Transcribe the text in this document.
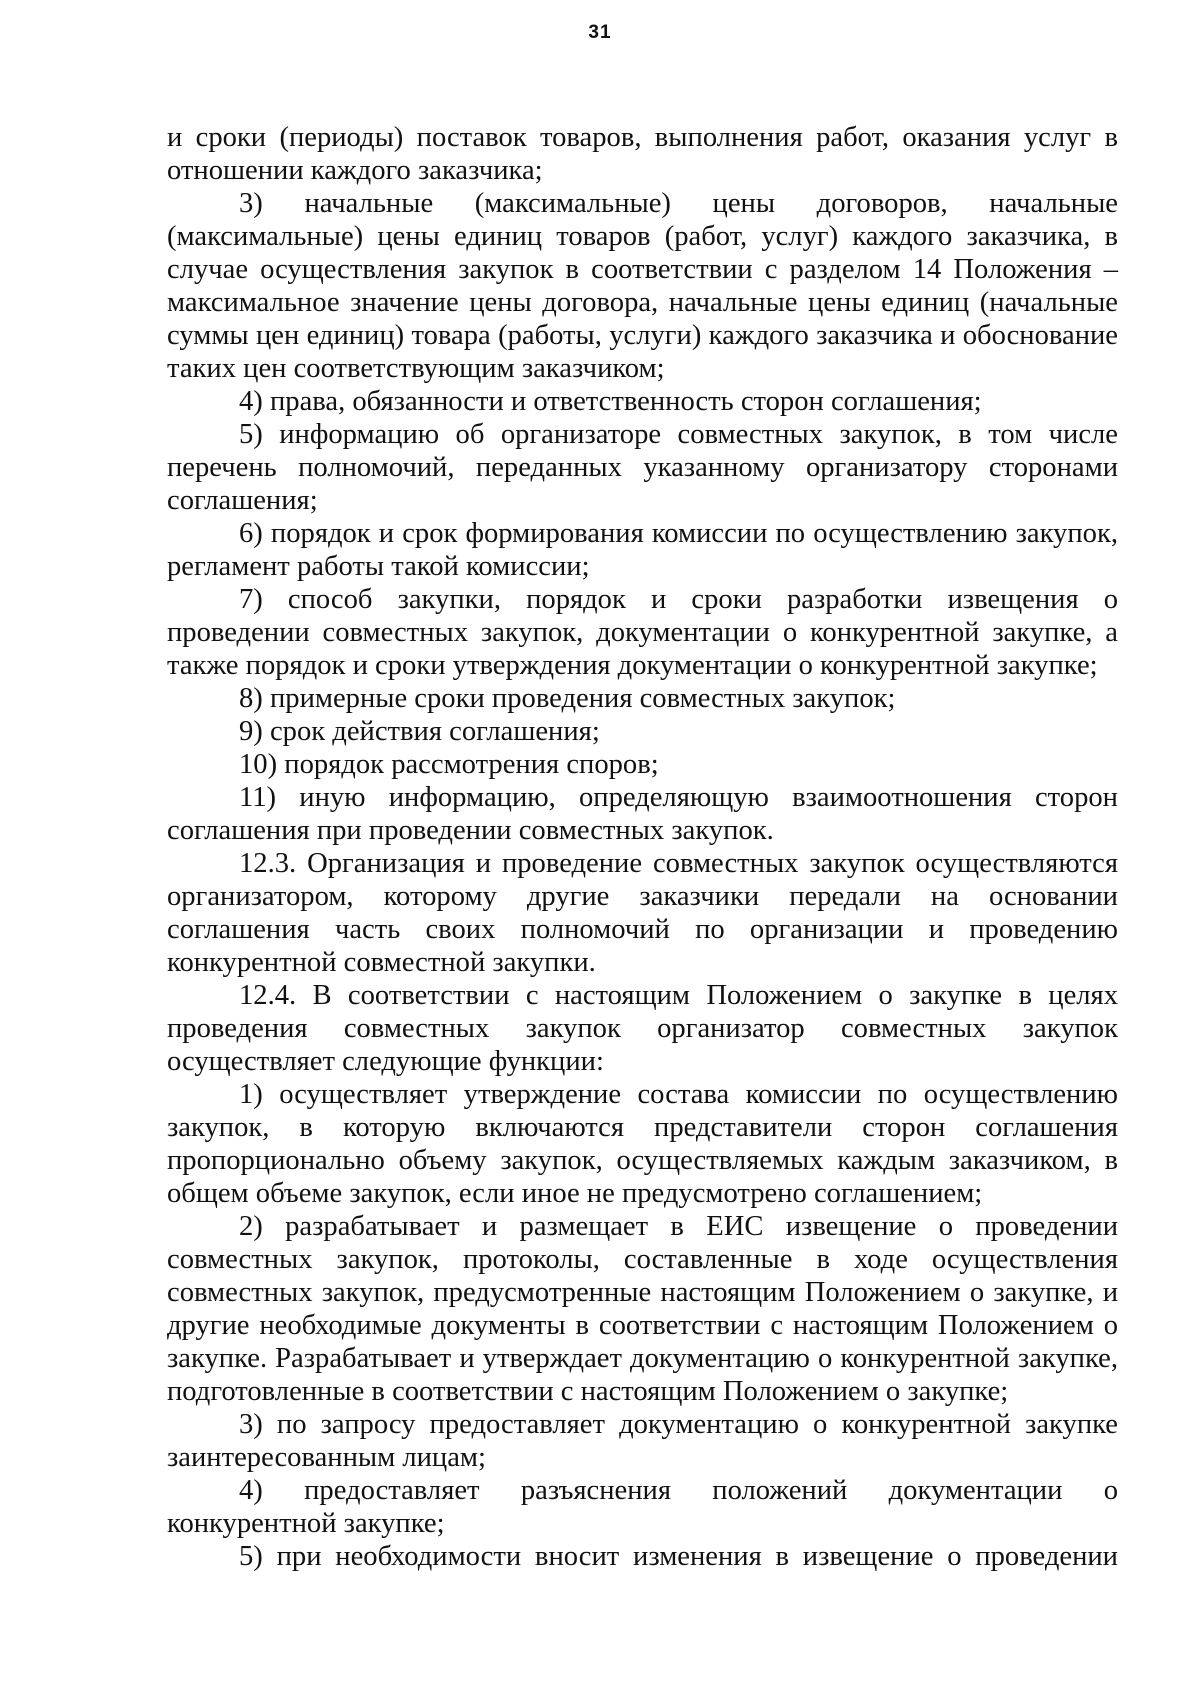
31

и сроки (периоды) поставок товаров, выполнения работ, оказания услуг в отношении каждого заказчика;

3) начальные (максимальные) цены договоров, начальные (максимальные) цены единиц товаров (работ, услуг) каждого заказчика, в случае осуществления закупок в соответствии с разделом 14 Положения – максимальное значение цены договора, начальные цены единиц (начальные суммы цен единиц) товара (работы, услуги) каждого заказчика и обоснование таких цен соответствующим заказчиком;

4) права, обязанности и ответственность сторон соглашения;

5) информацию об организаторе совместных закупок, в том числе перечень полномочий, переданных указанному организатору сторонами соглашения;

6) порядок и срок формирования комиссии по осуществлению закупок, регламент работы такой комиссии;

7) способ закупки, порядок и сроки разработки извещения о проведении совместных закупок, документации о конкурентной закупке, а также порядок и сроки утверждения документации о конкурентной закупке;

8) примерные сроки проведения совместных закупок;

9) срок действия соглашения;

10) порядок рассмотрения споров;

11) иную информацию, определяющую взаимоотношения сторон соглашения при проведении совместных закупок.

12.3. Организация и проведение совместных закупок осуществляются организатором, которому другие заказчики передали на основании соглашения часть своих полномочий по организации и проведению конкурентной совместной закупки.

12.4. В соответствии с настоящим Положением о закупке в целях проведения совместных закупок организатор совместных закупок осуществляет следующие функции:

1) осуществляет утверждение состава комиссии по осуществлению закупок, в которую включаются представители сторон соглашения пропорционально объему закупок, осуществляемых каждым заказчиком, в общем объеме закупок, если иное не предусмотрено соглашением;

2) разрабатывает и размещает в ЕИС извещение о проведении совместных закупок, протоколы, составленные в ходе осуществления совместных закупок, предусмотренные настоящим Положением о закупке, и другие необходимые документы в соответствии с настоящим Положением о закупке. Разрабатывает и утверждает документацию о конкурентной закупке, подготовленные в соответствии с настоящим Положением о закупке;

3) по запросу предоставляет документацию о конкурентной закупке заинтересованным лицам;

4) предоставляет разъяснения положений документации о конкурентной закупке;

5) при необходимости вносит изменения в извещение о проведении
